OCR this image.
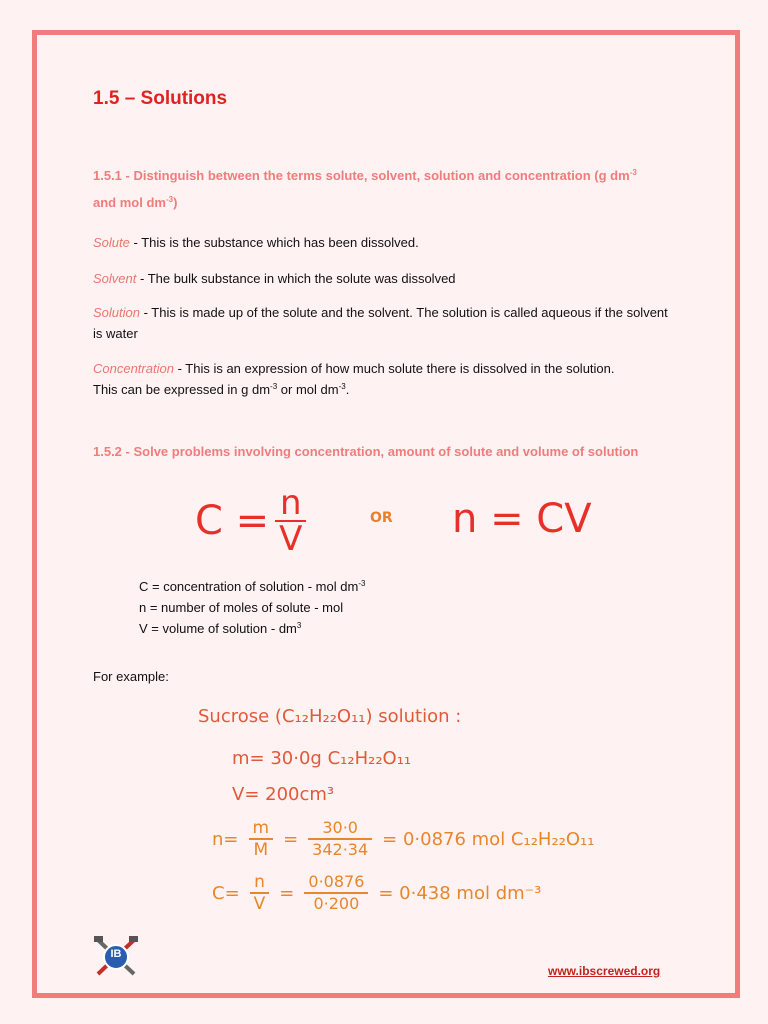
1.5 – Solutions
1.5.1 - Distinguish between the terms solute, solvent, solution and concentration (g $dm^{-3}$
and mol $dm^{-3}$)
Solute - This is the substance which has been dissolved.
Solvent - The bulk substance in which the solute was dissolved
Solution - This is made up of the solute and the solvent. The solution is called aqueous if the solvent is water
Concentration - This is an expression of how much solute there is dissolved in the solution.
This can be expressed in g $dm^{-3}$ or mol $dm^{-3}$.
1.5.2 - Solve problems involving concentration, amount of solute and volume of solution
$C = \frac{n}{V}$	OR n = CV
C = concentration of solution - mol $dm^{-3}$
n = number of moles of solute - mol
V = volume of solution - $dm^3$
For example:
Sucrose (C₁₂H₂₂O₁₁) solution :
m= 30·0g C₁₂H₂₂O₁₁
V= 200cm³
$n= \frac{m}{M} = \frac{30\cdot 0}{342\cdot 34} = 0\cdot 0876$ mol C₁₂H₂₂O₁₁
$C= \frac{n}{V} = \frac{0\cdot 0876}{0\cdot 200} = 0\cdot 438$ mol dm⁻³
IB
www.ibscrewed.org
